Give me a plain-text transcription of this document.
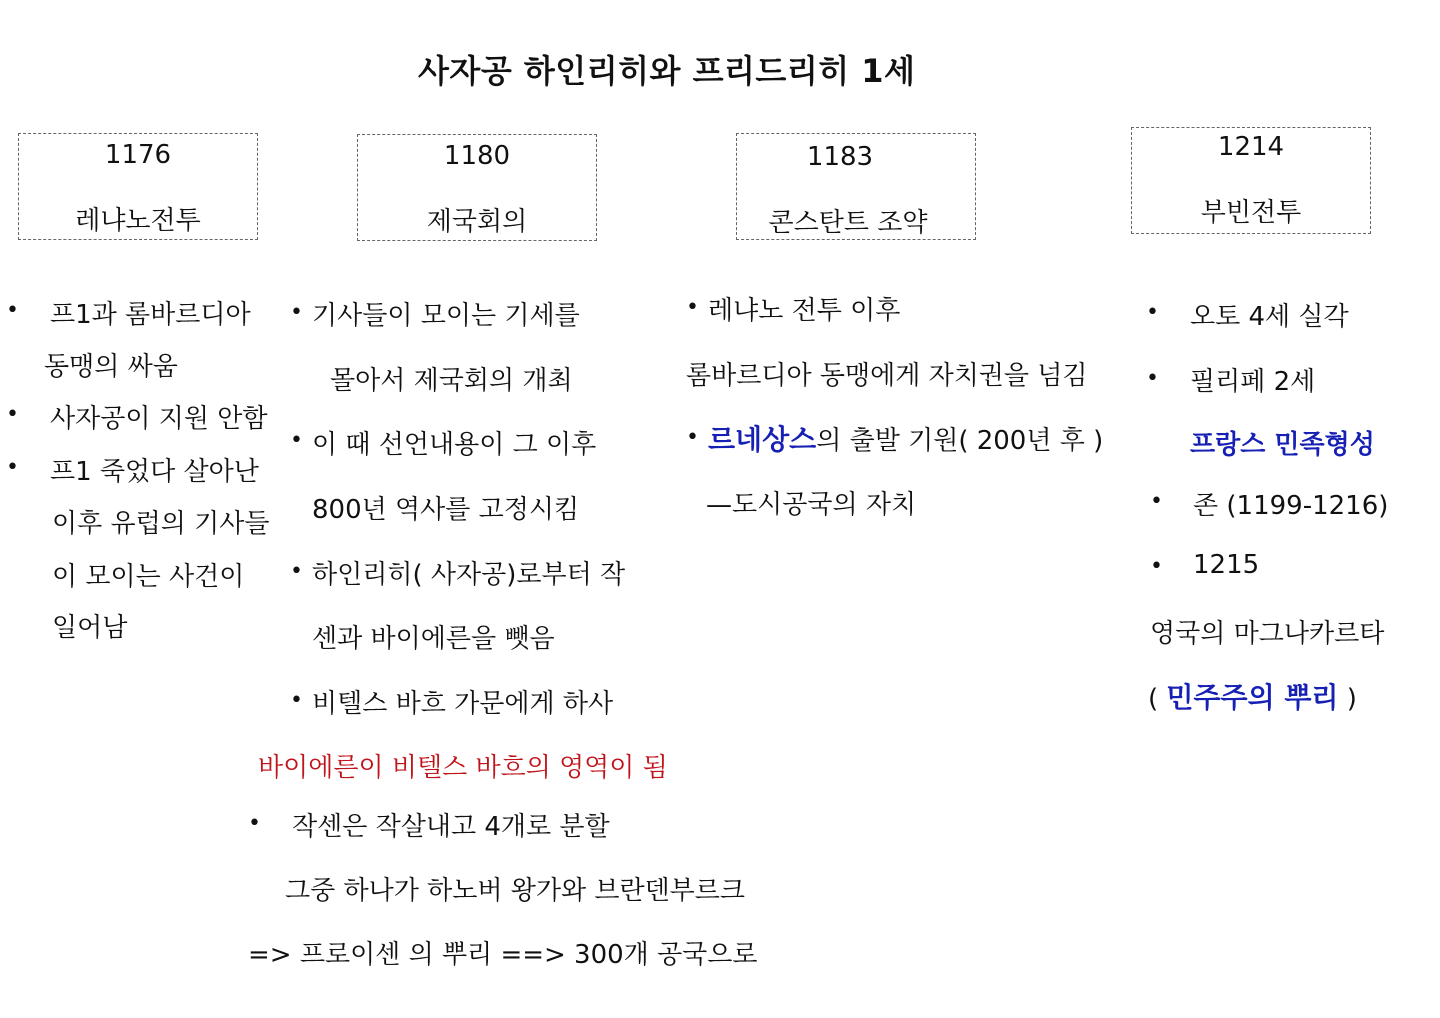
사자공 하인리히와 프리드리히 1세
1176
레냐노전투
1180
제국회의
1183
콘스탄트 조약
1214
부빈전투
• 프1과 롬바르디아
동맹의 싸움
• 사자공이 지원 안함
• 프1 죽었다 살아난
이후 유럽의 기사들
이 모이는 사건이
일어남
• 기사들이 모이는 기세를
몰아서 제국회의 개최
• 이 때 선언내용이 그 이후
800년 역사를 고정시킴
• 하인리히( 사자공)로부터 작
센과 바이에른을 뺏음
• 비텔스 바흐 가문에게 하사
바이에른이 비텔스 바흐의 영역이 됨
• 작센은 작살내고 4개로 분할
그중 하나가 하노버 왕가와 브란덴부르크
=> 프로이센 의 뿌리 ==> 300개 공국으로
• 레냐노 전투 이후
롬바르디아 동맹에게 자치권을 넘김
• 르네상스의 출발 기원( 200년 후 )
—도시공국의 자치
• 오토 4세 실각
• 필리페 2세
프랑스 민족형성
• 존 (1199-1216)
• 1215
영국의 마그나카르타
( 민주주의 뿌리 )
